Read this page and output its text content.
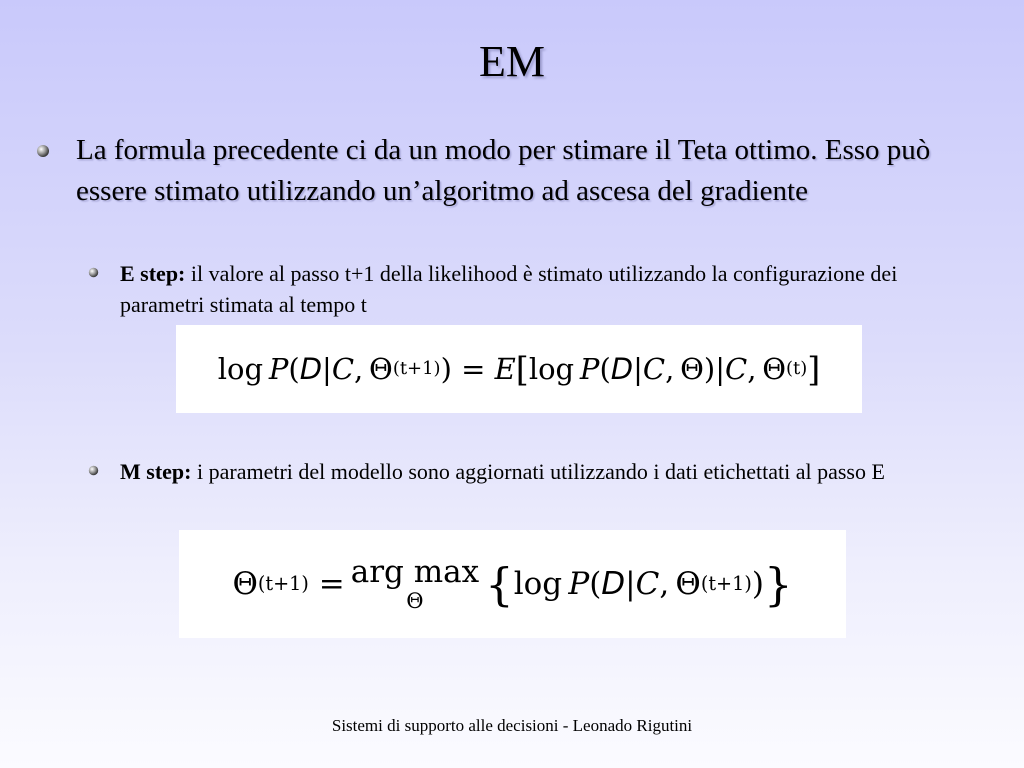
EM
La formula precedente ci da un modo per stimare il Teta ottimo. Esso può essere stimato utilizzando un’algoritmo ad ascesa del gradiente
E step: il valore al passo t+1 della likelihood è stimato utilizzando la configurazione dei parametri stimata al tempo t
log
  P ( D | C ,  Θ (t+1) ) = E [ log
  P ( D | C ,  Θ )| C ,  Θ (t) ]
M step: i parametri del modello sono aggiornati utilizzando i dati etichettati al passo E
Θ (t+1) = arg max
Θ { log
  P ( D | C ,  Θ (t+1) ) }
Sistemi di supporto alle decisioni - Leonado Rigutini
